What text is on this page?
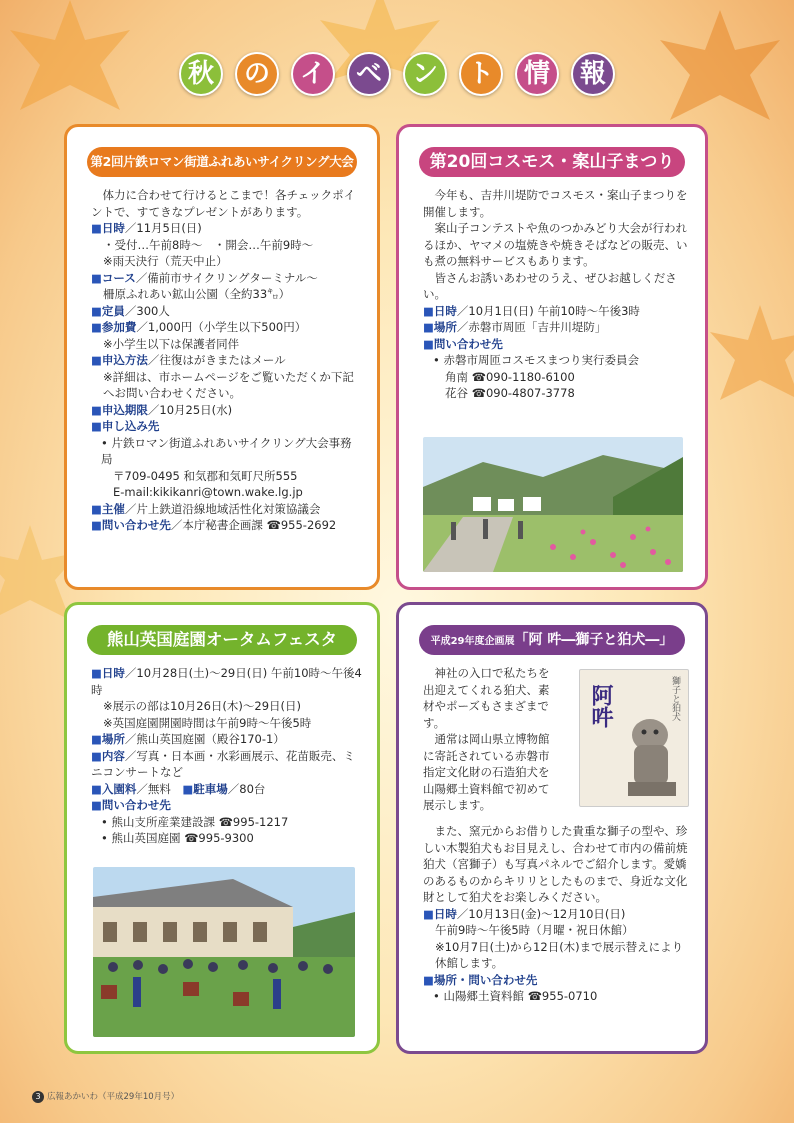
秋 の イ ベ ン ト 情 報
第2回片鉄ロマン街道ふれあいサイクリング大会

体力に合わせて行けるとこまで！各チェックポイントで、すてきなプレゼントがあります。

■ 日時／11月5日(日)

・受付…午前8時～　・開会…午前9時～

※雨天決行（荒天中止）

■ コース／備前市サイクリングターミナル～

柵原ふれあい鉱山公園（全約33㌔）

■ 定員／300人

■ 参加費／1,000円（小学生以下500円）

※小学生以下は保護者同伴

■ 申込方法／往復はがきまたはメール

※詳細は、市ホームページをご覧いただくか下記へお問い合わせください。

■ 申込期限／10月25日(水)

■ 申し込み先

• 片鉄ロマン街道ふれあいサイクリング大会事務局

〒709-0495 和気郡和気町尺所555

E-mail:kikikanri@town.wake.lg.jp

■ 主催／片上鉄道沿線地域活性化対策協議会

■ 問い合わせ先／本庁秘書企画課 ☎955-2692

第20回コスモス・案山子まつり

今年も、吉井川堤防でコスモス・案山子まつりを開催します。

案山子コンテストや魚のつかみどり大会が行われるほか、ヤマメの塩焼きや焼きそばなどの販売、いも煮の無料サービスもあります。

皆さんお誘いあわせのうえ、ぜひお越しください。

■ 日時／10月1日(日) 午前10時～午後3時

■ 場所／赤磐市周匝「吉井川堤防」

■ 問い合わせ先

• 赤磐市周匝コスモスまつり実行委員会

角南 ☎090-1180-6100

花谷 ☎090-4807-3778

熊山英国庭園オータムフェスタ

■ 日時／10月28日(土)～29日(日) 午前10時～午後4時

※展示の部は10月26日(木)～29日(日)

※英国庭園開園時間は午前9時～午後5時

■ 場所／熊山英国庭園（殿谷170-1）

■ 内容／写真・日本画・水彩画展示、花苗販売、ミニコンサートなど

■ 入園料／無料　■ 駐車場／80台

■ 問い合わせ先

• 熊山支所産業建設課 ☎995-1217

• 熊山英国庭園 ☎995-9300

平成29年度企画展「阿 吽―獅子と狛犬―」

神社の入口で私たちを出迎えてくれる狛犬、素材やポーズもさまざまです。

通常は岡山県立博物館に寄託されている赤磐市指定文化財の石造狛犬を山陽郷土資料館で初めて展示します。

また、窯元からお借りした貴重な獅子の型や、珍しい木製狛犬もお目見えし、合わせて市内の備前焼狛犬（宮獅子）も写真パネルでご紹介します。愛嬌のあるものからキリリとしたものまで、身近な文化財として狛犬をお楽しみください。

■ 日時／10月13日(金)～12月10日(日)

午前9時～午後5時（月曜・祝日休館）

※10月7日(土)から12日(木)まで展示替えにより休館します。

■ 場所・問い合わせ先

• 山陽郷土資料館 ☎955-0710

獅子と狛犬
阿吽
3 広報あかいわ（平成29年10月号）
